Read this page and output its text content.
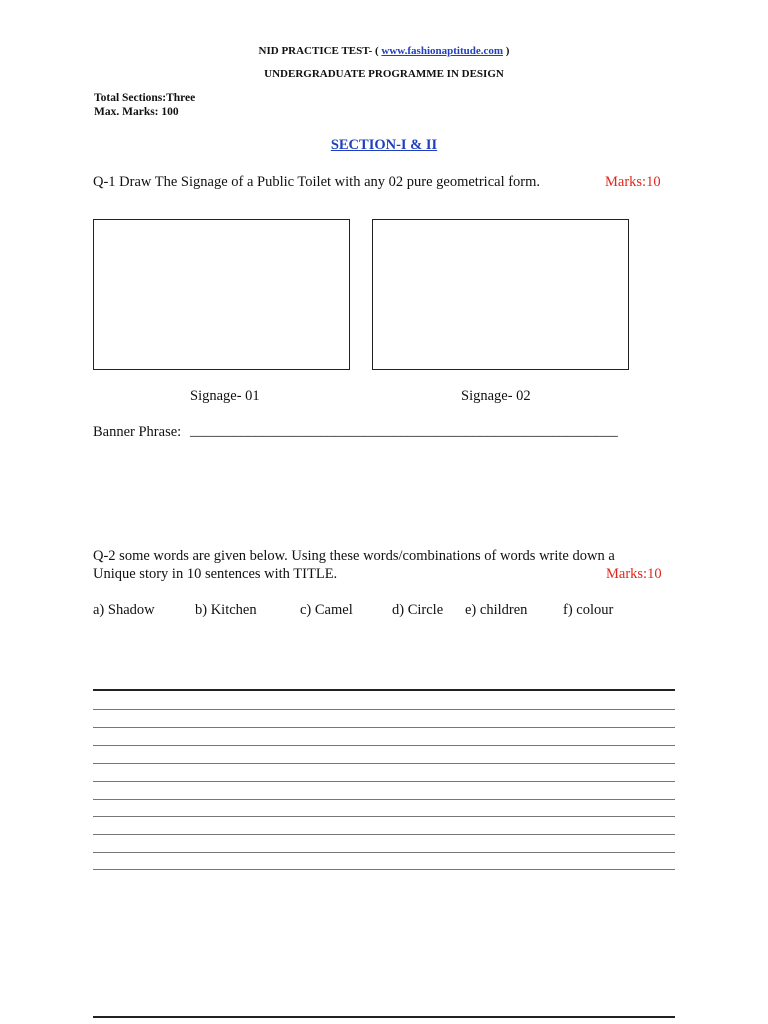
NID PRACTICE TEST- ( www.fashionaptitude.com )
UNDERGRADUATE PROGRAMME IN DESIGN
Total Sections:Three
Max. Marks: 100
SECTION-I & II
Q-1 Draw The Signage of a Public Toilet with any 02 pure geometrical form.	Marks:10
Signage- 01	Signage- 02
Banner Phrase: ___________________________________________________________
Q-2 some words are given below. Using these words/combinations of words write down a
Unique story in 10 sentences with TITLE.	Marks:10
a) Shadow	b) Kitchen	c) Camel	d) Circle e) children f) colour
